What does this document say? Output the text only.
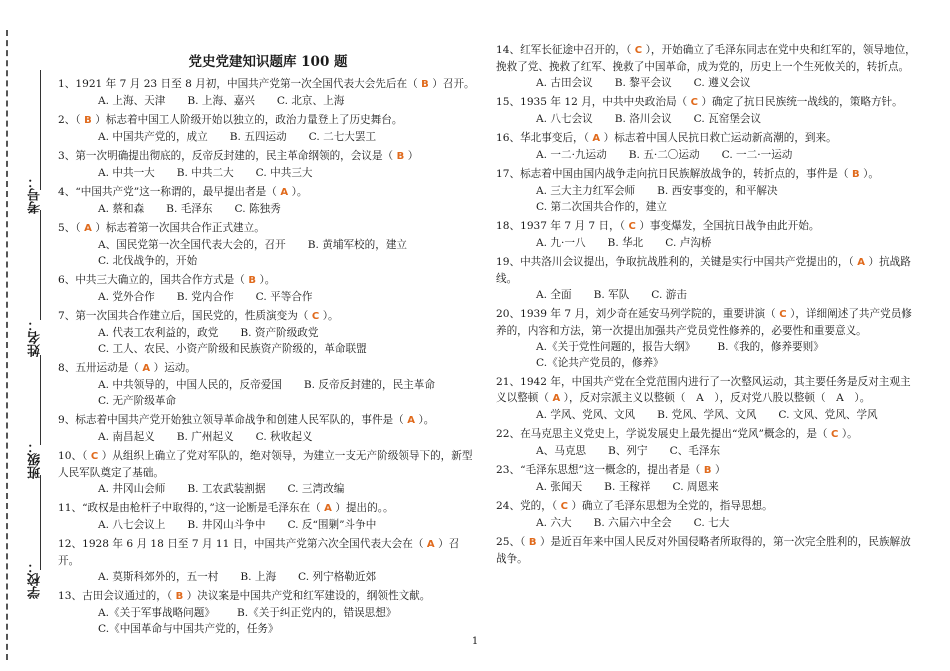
考号：
姓名：
班级：
学校：
党史党建知识题库 100 题

1、1921 年 7 月 23 日至 8 月初，中国共产党第一次全国代表大会先后在（ B ）召开。

A. 上海、天津 B. 上海、嘉兴 C. 北京、上海

2、（ B ）标志着中国工人阶级开始以独立的，政治力量登上了历史舞台。

A. 中国共产党的，成立 B. 五四运动 C. 二七大罢工

3、第一次明确提出彻底的，反帝反封建的，民主革命纲领的，会议是（ B ）

A. 中共一大 B. 中共二大 C. 中共三大

4、“中国共产党”这一称谓的，最早提出者是（ A ）。

A. 蔡和森 B. 毛泽东 C. 陈独秀

5、（ A ）标志着第一次国共合作正式建立。

A、国民党第一次全国代表大会的，召开 B. 黄埔军校的，建立C. 北伐战争的，开始

6、中共三大确立的，国共合作方式是（ B ）。

A. 党外合作 B. 党内合作 C. 平等合作

7、第一次国共合作建立后，国民党的，性质演变为（ C ）。

A. 代表工农利益的，政党 B. 资产阶级政党C. 工人、农民、小资产阶级和民族资产阶级的，革命联盟

8、五卅运动是（ A ）运动。

A. 中共领导的，中国人民的，反帝爱国 B. 反帝反封建的，民主革命C. 无产阶级革命

9、标志着中国共产党开始独立领导革命战争和创建人民军队的，事件是（ A ）。

A. 南昌起义 B. 广州起义 C. 秋收起义

10、（ C ）从组织上确立了党对军队的，绝对领导，为建立一支无产阶级领导下的，新型人民军队奠定了基础。

A. 井冈山会师 B. 工农武装割据 C. 三湾改编

11、“政权是由枪杆子中取得的，”这一论断是毛泽东在（ A ）提出的。。

A. 八七会议上 B. 井冈山斗争中 C. 反“围剿”斗争中

12、1928 年 6 月 18 日至 7 月 11 日，中国共产党第六次全国代表大会在（ A ）召开。

A. 莫斯科郊外的，五一村 B. 上海 C. 列宁格勒近郊

13、古田会议通过的，（ B ）决议案是中国共产党和红军建设的，纲领性文献。

A.《关于军事战略问题》 B.《关于纠正党内的，错误思想》C.《中国革命与中国共产党的，任务》

14、红军长征途中召开的，（ C ），开始确立了毛泽东同志在党中央和红军的，领导地位，挽救了党、挽救了红军、挽救了中国革命，成为党的，历史上一个生死攸关的，转折点。

A. 古田会议 B. 黎平会议 C. 遵义会议

15、1935 年 12 月，中共中央政治局（ C ）确定了抗日民族统一战线的，策略方针。

A. 八七会议 B. 洛川会议 C. 瓦窑堡会议

16、华北事变后，（ A ）标志着中国人民抗日救亡运动新高潮的，到来。

A. 一二·九运动 B. 五·二〇运动 C. 一二·一运动

17、标志着中国由国内战争走向抗日民族解放战争的，转折点的，事件是（ B ）。

A. 三大主力红军会师 B. 西安事变的，和平解决C. 第二次国共合作的，建立

18、1937 年 7 月 7 日，（ C ）事变爆发，全国抗日战争由此开始。

A. 九·一八 B. 华北 C. 卢沟桥

19、中共洛川会议提出，争取抗战胜利的，关键是实行中国共产党提出的，（ A ）抗战路线。

A. 全面 B. 军队 C. 游击

20、1939 年 7 月，刘少奇在延安马列学院的，重要讲演（ C ），详细阐述了共产党员修养的，内容和方法，第一次提出加强共产党员党性修养的，必要性和重要意义。

A.《关于党性问题的，报告大纲》 B.《我的，修养要则》C.《论共产党员的，修养》

21、1942 年，中国共产党在全党范围内进行了一次整风运动，其主要任务是反对主观主义以整顿（ A ），反对宗派主义以整顿（　A　），反对党八股以整顿（　A　）。

A. 学风、党风、文风 B. 党风、学风、文风 C. 文风、党风、学风

22、在马克思主义党史上，学说发展史上最先提出“党风”概念的，是（ C ）。

A、马克思 B、列宁 C、毛泽东

23、“毛泽东思想”这一概念的，提出者是（ B ）

A. 张闻天 B. 王稼祥 C. 周恩来

24、党的，（ C ）确立了毛泽东思想为全党的，指导思想。

A. 六大 B. 六届六中全会 C. 七大

25、（ B ）是近百年来中国人民反对外国侵略者所取得的，第一次完全胜利的，民族解放战争。

1
